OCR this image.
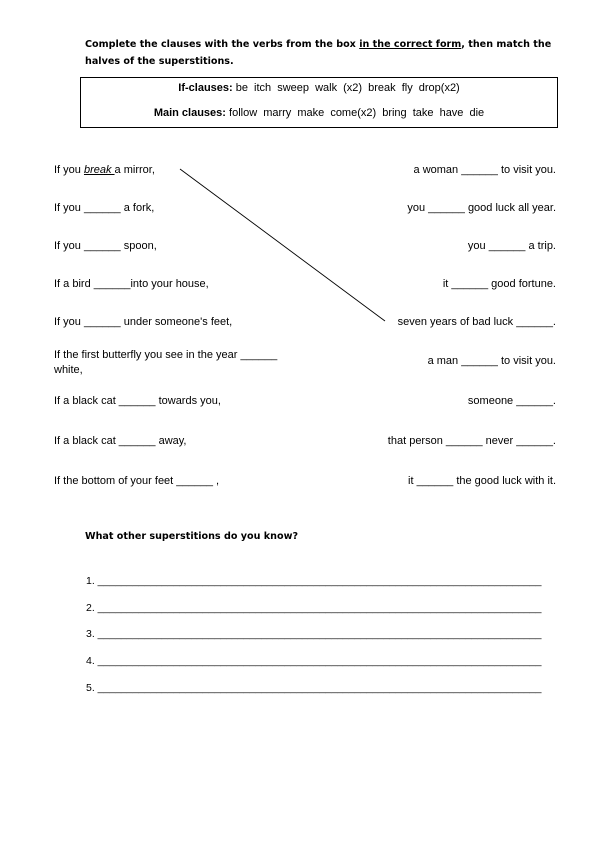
Complete the clauses with the verbs from the box in the correct form, then match the halves of the superstitions.
If-clauses: be itch sweep walk (x2) break fly drop(x2)
Main clauses: follow marry make come(x2) bring take have die
If you break a mirror,
If you ______ a fork,
If you ______ spoon,
If a bird ______into your house,
If you ______ under someone's feet,
If the first butterfly you see in the year ______
white,
If a black cat ______ towards you,
If a black cat ______ away,
If the bottom of your feet ______ ,
a woman ______ to visit you.
you ______ good luck all year.
you ______ a trip.
it ______ good fortune.
seven years of bad luck ______.
a man ______ to visit you.
someone ______.
that person ______ never ______.
it ______ the good luck with it.
What other superstitions do you know?
1. ____________________________________________________________________________
2. ____________________________________________________________________________
3. ____________________________________________________________________________
4. ____________________________________________________________________________
5. ____________________________________________________________________________
